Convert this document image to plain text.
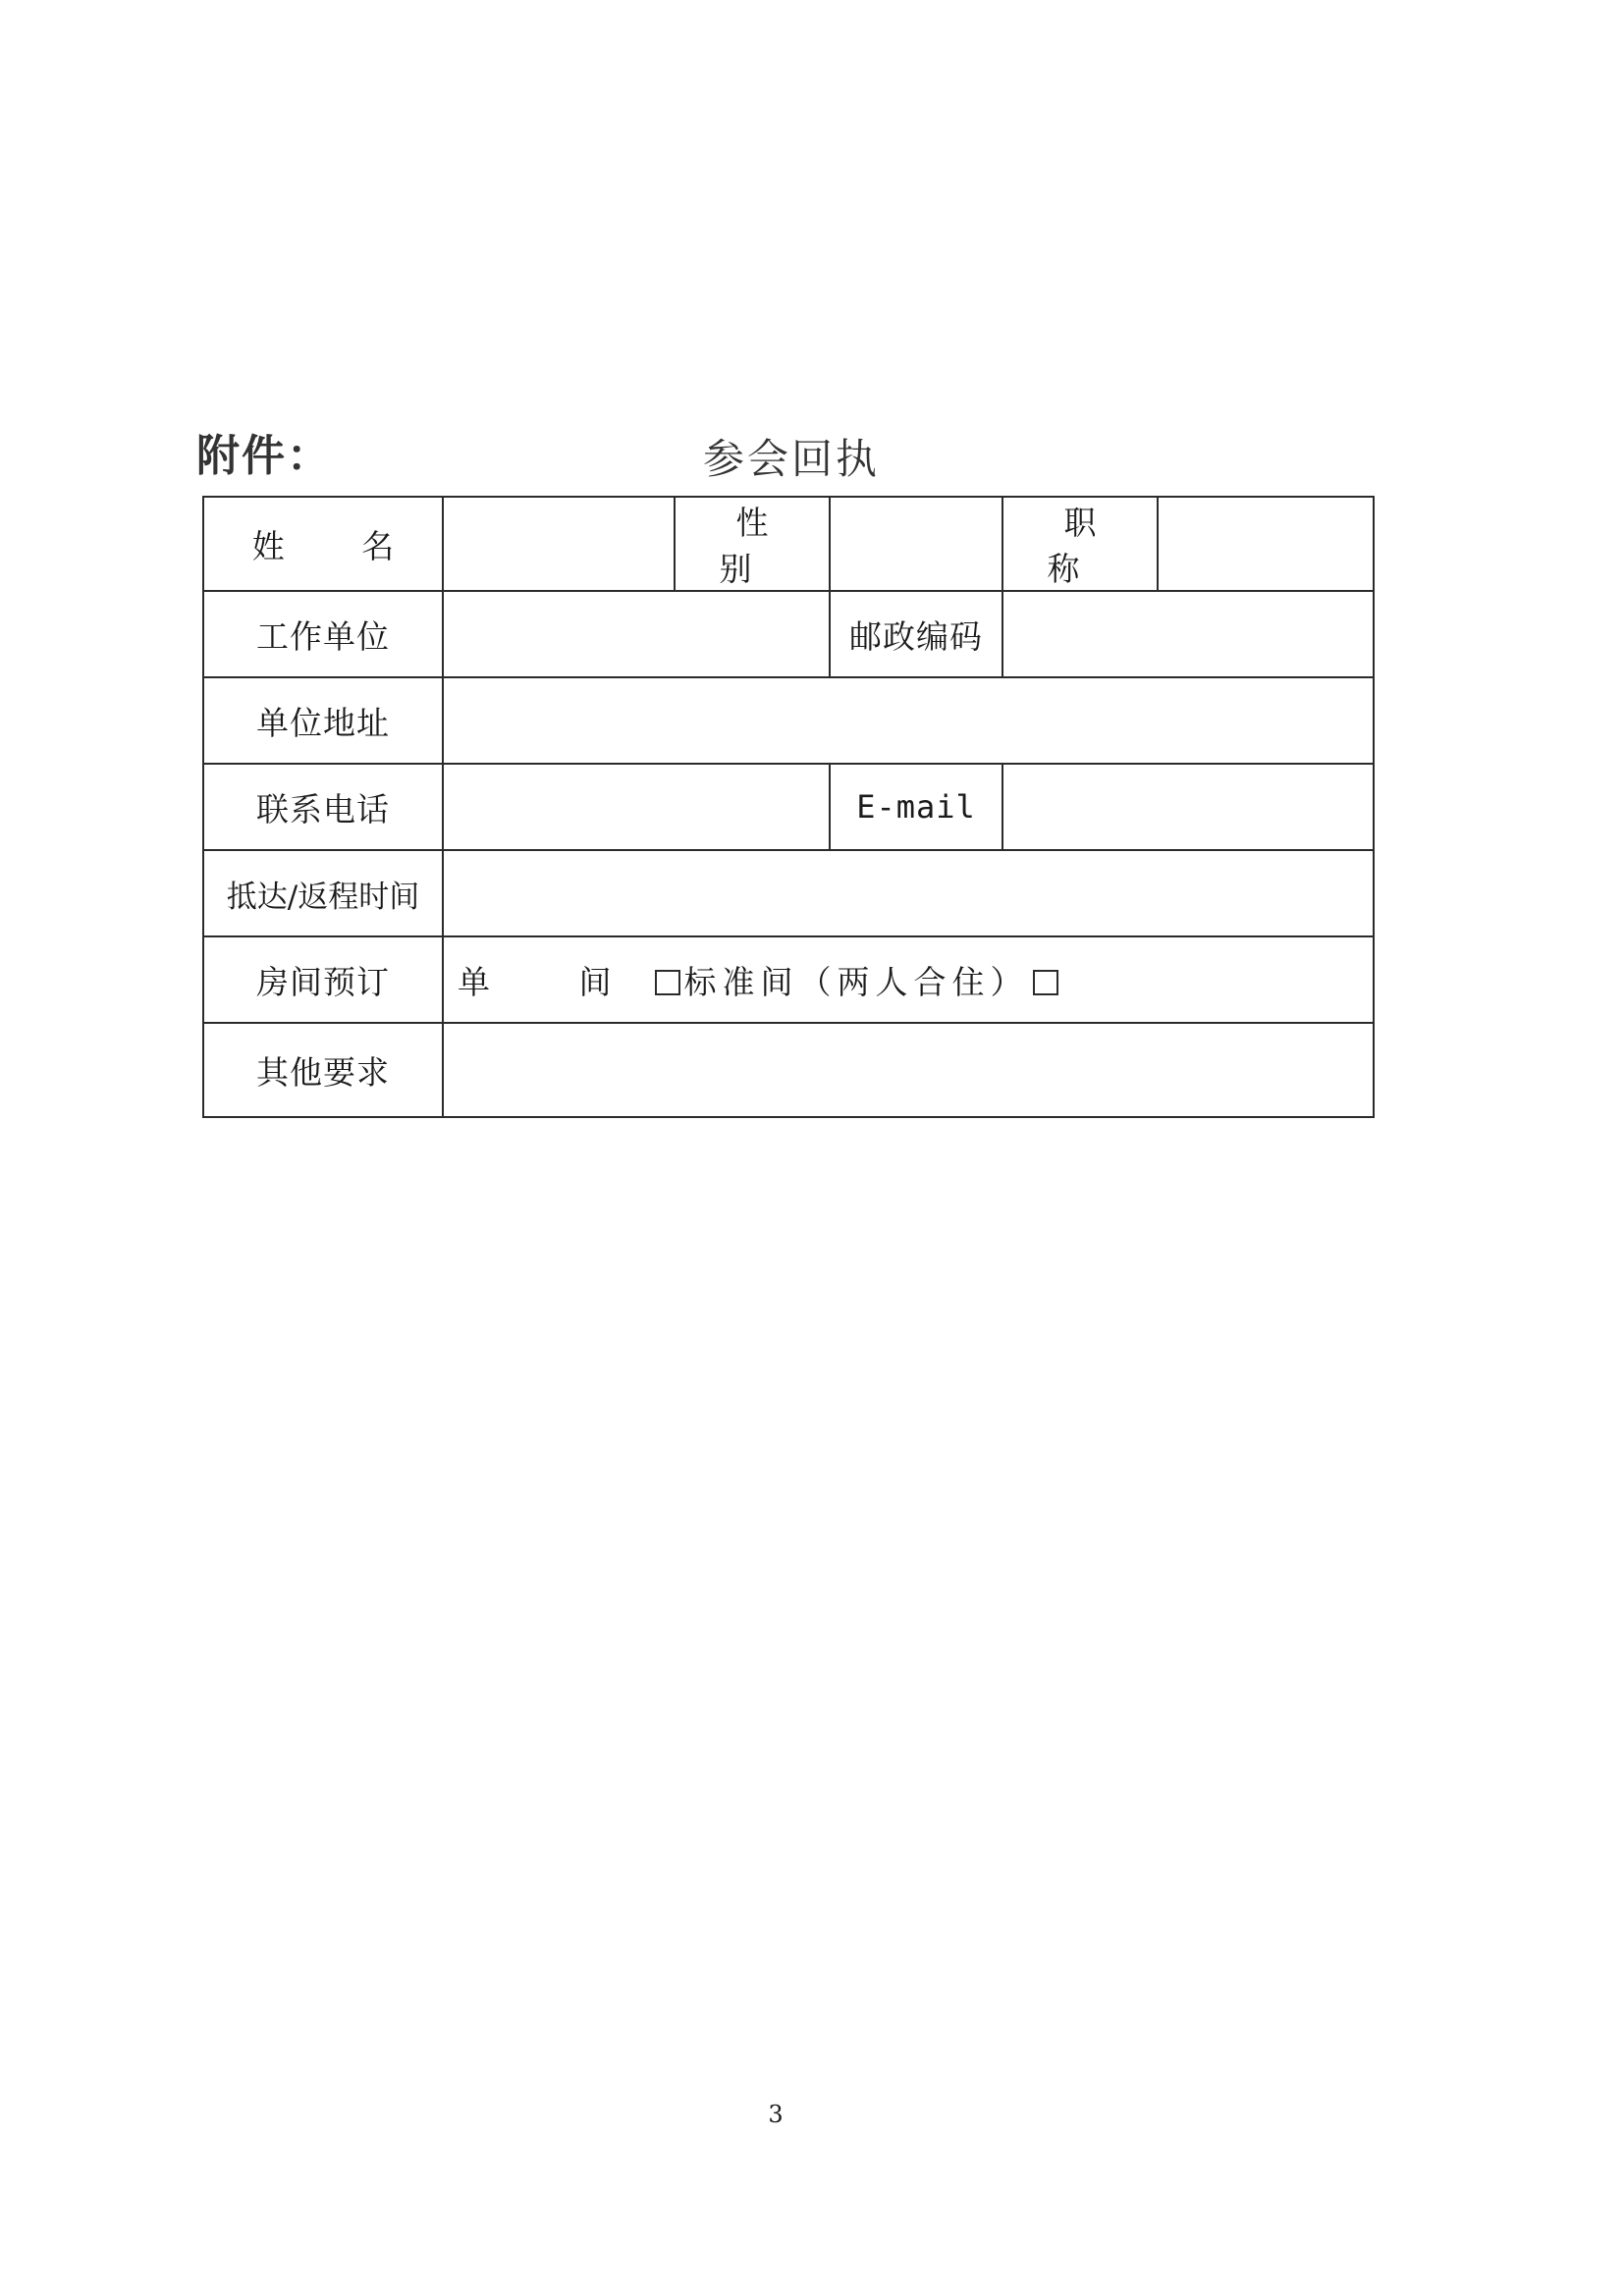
附件：	参会回执
姓 名		性 别		职 称	
工作单位			邮政编码		
单位地址					
联系电话			E-mail		
抵达/返程时间					
房间预订	单 间 标准间（两人合住）				
其他要求					
3
